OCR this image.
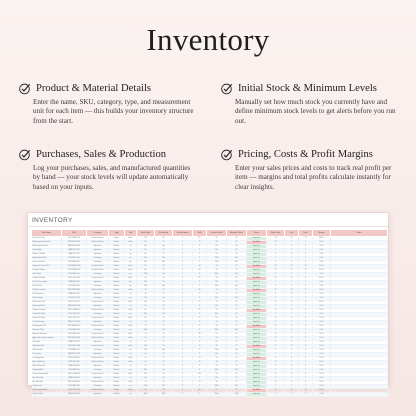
Inventory
Product & Material Details
Enter the name, SKU, category, type, and measurement unit for each item — this builds your inventory structure from the start.
Initial Stock & Minimum Levels
Manually set how much stock you currently have and define minimum stock levels to get alerts before you run out.
Purchases, Sales & Production
Log your purchases, sales, and manufactured quantities by hand — your stock levels will update automatically based on your inputs.
Pricing, Costs & Profit Margins
Enter your sales prices and costs to track real profit per item — margins and total profits calculate instantly for clear insights.
INVENTORY
Item Name	SKU	Category	Type	Unit	Initial Stock	Purchased	Manufactured	Sold	Current Stock	Minimum Stock	Status	Sales Price	Cost	Profit	Margin	Notes
Whey Isolate 1kg	SUPL-WHEY-001	Finished Product	Product	bottle	120	40	0	85	75	60	Stock Ok	34	21	13	38.2%	
Elderberry Gummies 60ct	SUPL-ELDR-002	Finished Product	Product	bottle	80	20	0	72	28	30	Stock Alert	18	9	9	50.0%	
Whey Protein Powder	RAW-WHEY-003	Ingredients	Material	kg	500	200	0	0	700	150	Stock Ok	0	6	0	0.0%	
Gelatin Base	RAW-GELT-004	Ingredients	Material	kg	150	50	0	0	200	80	Stock Ok	0	4	0	0.0%	
Vitamin C Powder	RAW-VITC-005	Ingredients	Material	kg	60	20	0	0	80	30	Stock Ok	0	12	0	0.0%	
Amber Bottle 250ml	PKG-BOTL-006	Packaging	Material	pcs	900	300	0	0	1200	400	Stock Ok	0	1	0	0.0%	
Screw Cap Black	PKG-CAPS-007	Packaging	Material	pcs	900	300	0	0	1200	400	Stock Ok	0	0	0	0.0%	
Magnesium Citrate 90ct	SUPL-MAGC-008	Finished Product	Product	bottle	60	10	0	58	12	25	Stock Alert	22	11	11	50.0%	
Omega-3 Softgels	SUPL-OMEG-009	Finished Product	Product	bottle	100	30	0	64	66	40	Stock Ok	28	15	13	46.4%	
Label Sheet	PKG-LABL-010	Packaging	Material	pcs	1500	500	0	0	2000	600	Stock Ok	0	0	0	0.0%	
Collagen Peptides	SUPL-COLL-011	Finished Product	Product	bottle	90	20	0	80	30	35	Stock Alert	39	22	17	43.6%	
Fish Oil Concentrate	RAW-FISH-012	Ingredients	Material	liter	200	60	0	0	260	90	Stock Ok	0	9	0	0.0%	
Shrink Sleeve	PKG-SLEV-013	Packaging	Material	pcs	1000	400	0	0	1400	500	Stock Ok	0	0	0	0.0%	
Probiotic Capsules	SUPL-PROB-014	Finished Product	Product	bottle	70	20	0	66	24	30	Stock Alert	31	16	15	48.4%	
Zinc Gluconate	RAW-ZINC-015	Ingredients	Material	kg	40	10	0	0	50	20	Stock Ok	0	14	0	0.0%	
Protein Scoop	PKG-SCOP-016	Packaging	Material	pcs	700	200	0	0	900	300	Stock Ok	0	0	0	0.0%	
Plant Protein 1kg	SUPL-PLNT-017	Finished Product	Product	bottle	110	30	0	70	70	45	Stock Ok	32	19	13	40.6%	
Sweetener Blend	RAW-SWTN-018	Ingredients	Material	kg	90	30	0	0	120	40	Stock Ok	0	5	0	0.0%	
Turmeric Capsules	SUPL-TURM-019	Finished Product	Product	bottle	65	15	0	60	20	25	Stock Alert	24	12	12	50.0%	
Carton Box Small	PKG-CART-020	Packaging	Material	pcs	600	200	0	0	800	250	Stock Ok	0	1	0	0.0%	
Vitamin D3 Drops	SUPL-VITD-021	Finished Product	Product	bottle	85	25	0	50	60	30	Stock Ok	19	8	11	57.9%	
Cocoa Flavoring	RAW-COCO-022	Ingredients	Material	kg	70	20	0	0	90	35	Stock Ok	0	7	0	0.0%	
Ashwagandha 60ct	SUPL-ASHW-023	Finished Product	Product	bottle	55	15	0	52	18	25	Stock Alert	26	13	13	50.0%	
Desiccant Packs	PKG-DESC-024	Packaging	Material	pcs	2000	500	0	0	2500	800	Stock Ok	0	0	0	0.0%	
Melatonin Gummies	SUPL-MELT-025	Finished Product	Product	bottle	75	25	0	48	52	30	Stock Ok	16	7	9	56.3%	
Apple Cider Vinegar Gummies	SUPL-ACVG-026	Finished Product	Product	bottle	95	25	0	70	50	35	Stock Ok	21	10	11	52.4%	
Citric Acid	RAW-CITR-027	Ingredients	Material	kg	45	15	0	0	60	20	Stock Ok	0	3	0	0.0%	
Multivitamin 90ct	SUPL-MULT-028	Finished Product	Product	bottle	100	30	0	90	40	45	Stock Alert	27	13	14	51.9%	
Induction Seal	PKG-SEAL-029	Packaging	Material	pcs	1200	300	0	0	1500	500	Stock Ok	0	0	0	0.0%	
Pectin Base	RAW-PECT-030	Ingredients	Material	kg	80	20	0	0	100	40	Stock Ok	0	5	0	0.0%	
Iron Bisglycinate	SUPL-IRON-031	Finished Product	Product	bottle	50	10	0	44	16	20	Stock Alert	17	8	9	52.9%	
Biotin 10000mcg	SUPL-BIOT-032	Finished Product	Product	bottle	60	20	0	40	40	25	Stock Ok	15	6	9	60.0%	
Natural Flavor Mix	RAW-FLAV-033	Ingredients	Material	kg	35	15	0	0	50	15	Stock Ok	0	11	0	0.0%	
Shipping Mailer	PKG-MAIL-034	Packaging	Material	pcs	800	200	0	0	1000	300	Stock Ok	0	1	0	0.0%	
Creatine Monohydrate	SUPL-CREA-035	Finished Product	Product	bottle	120	30	0	100	50	50	Stock Ok	29	14	15	51.7%	
Rice Flour Filler	RAW-RICE-036	Ingredients	Material	kg	100	40	0	0	140	50	Stock Ok	0	2	0	0.0%	
Hair Skin Nails	SUPL-HSNS-037	Finished Product	Product	bottle	70	20	0	54	36	30	Stock Ok	23	11	12	52.2%	
Leaflet Insert	PKG-LEAF-038	Packaging	Material	pcs	1500	500	0	0	2000	600	Stock Ok	0	0	0	0.0%	
Sleep Support Blend	SUPL-SLEP-039	Finished Product	Product	bottle	60	20	0	56	24	25	Stock Alert	25	12	13	52.0%	
Capsule Shells	RAW-CAPS-040	Ingredients	Material	pcs	5000	1000	0	0	6000	2000	Stock Ok	0	0	0	0.0%	
